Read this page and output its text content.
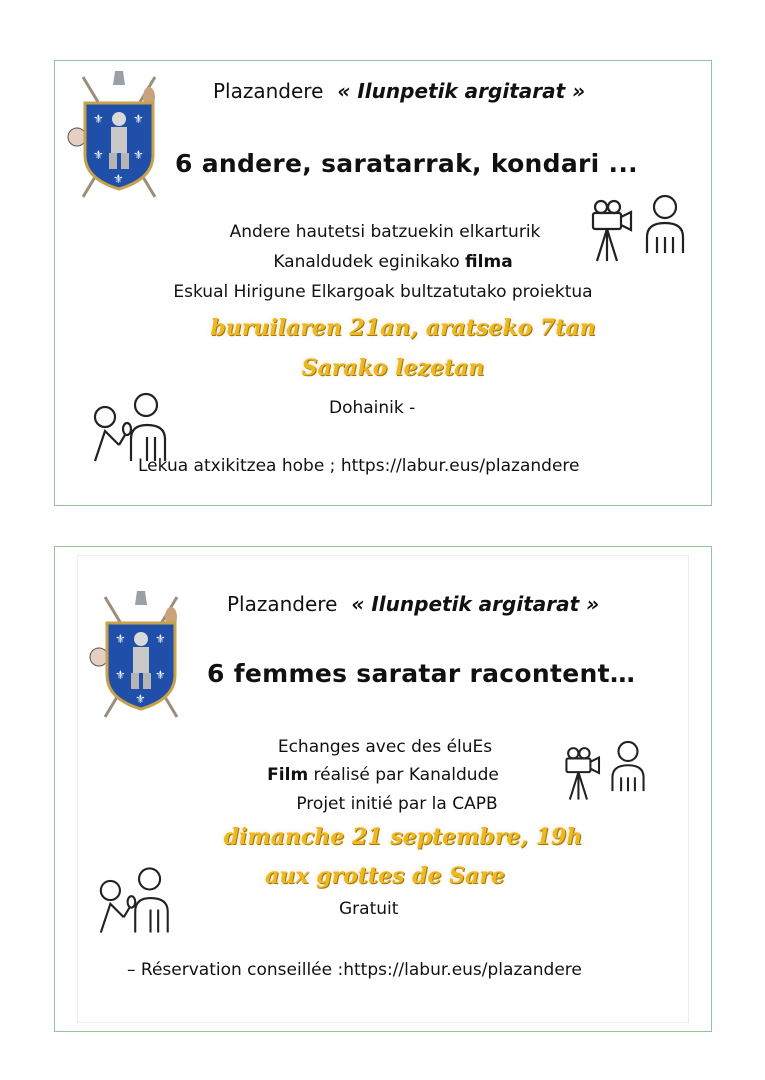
⚜ ⚜
⚜ ⚜
⚜
Plazandere « Ilunpetik argitarat »
6 andere, saratarrak, kondari ...
Andere hautetsi batzuekin elkarturik
Kanaldudek eginikako filma
Eskual Hirigune Elkargoak bultzatutako proiektua
buruilaren 21an, aratseko 7tan
Sarako lezetan
Dohainik -
Lekua atxikitzea hobe ; https://labur.eus/plazandere
⚜ ⚜
⚜ ⚜
⚜
Plazandere « Ilunpetik argitarat »
6 femmes saratar racontent…
Echanges avec des éluEs
Film réalisé par Kanaldude
Projet initié par la CAPB
dimanche 21 septembre, 19h
aux grottes de Sare
Gratuit
– Réservation conseillée :https://labur.eus/plazandere
